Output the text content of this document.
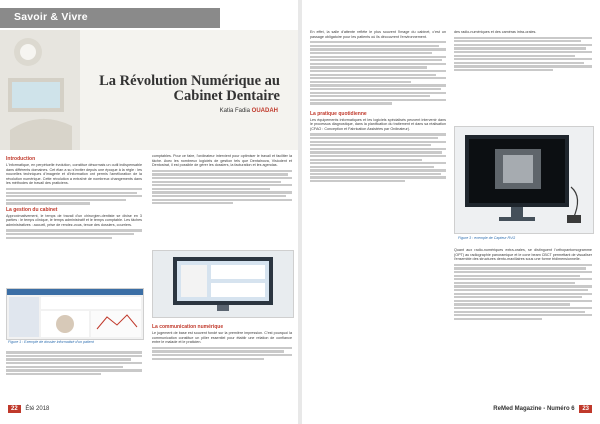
Savoir & Vivre
La Révolution Numérique au
Cabinet Dentaire
Katia Fadia OUADAH
Introduction

L'informatique, en perpétuelle évolution, constitue désormais un outil indispensable dans différents domaines. Cet élan a su s'inviter depuis une époque à la règle : les nouvelles techniques d'imagerie et d'information ont permis l'amélioration de la révolution numérique. Cette révolution a entraîné de nombreux changements dans les méthodes de travail des praticiens.

La gestion du cabinet

Approximativement, le temps de travail d'un chirurgien-dentiste se divise en 3 parties : le temps clinique, le temps administratif et le temps comptable. Les tâches administratives : accueil, prise de rendez-vous, tenue des dossiers, courriers.

Figure 1 : Exemple de dossier informatisé d'un patient

comptables. Pour ce faire, l'ordinateur intervient pour optimiser le travail et faciliter la tâche. Avec les nombreux logiciels de gestion tels que Dentalnova, Visiodent et Dentostrat, il est possible de gérer les dossiers, la facturation et les agendas.

La communication numérique

Le jugement de base est souvent fondé sur la première impression. C'est pourquoi la communication constitue un pilier essentiel pour établir une relation de confiance entre le malade et le praticien.

22 Été 2018

En effet, la salle d'attente reflète le plus souvent l'image du cabinet, c'est un passage obligatoire pour les patients où ils découvrent l'environnement.

La pratique quotidienne

Les équipements informatiques et les logiciels spécialisés peuvent intervenir dans le processus diagnostique, dans la planification du traitement et dans sa réalisation (CFAO : Conception et Fabrication Assistées par Ordinateur).

des radio-numériques et des caméras intra-orales.

Figure 3 : exemple de Capteur RVG

Quant aux radio-numériques extra-orales, se distinguent l'orthopantomogramme (OPT) au radiographie panoramique et le cone beam CBCT permettant de visualiser l'ensemble des structures dento-maxillaires sous une forme tridimensionnelle.

ReMed Magazine - Numéro 6 23
